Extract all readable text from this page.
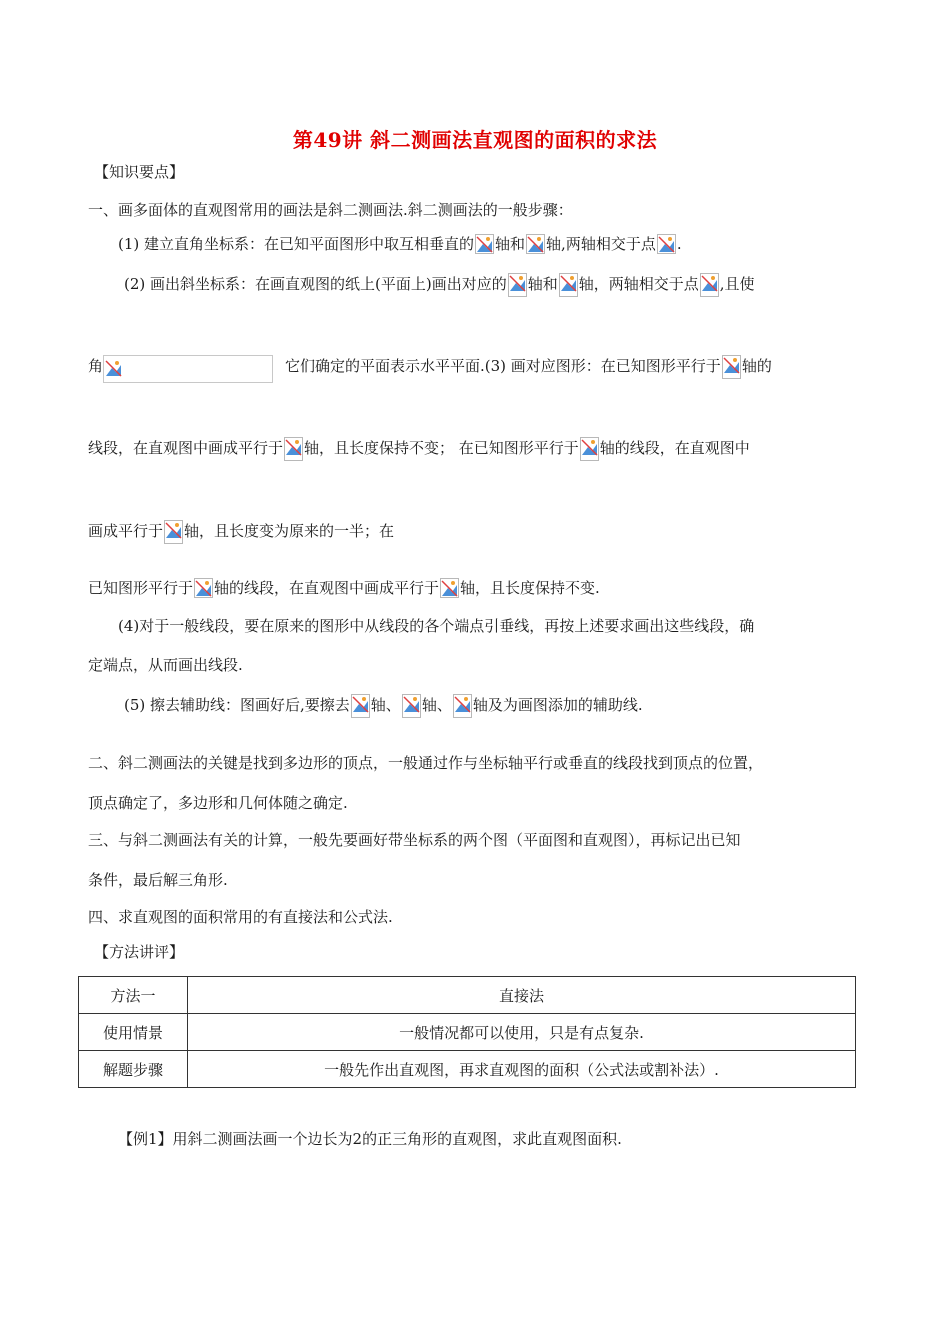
第49讲 斜二测画法直观图的面积的求法
【知识要点】
一、画多面体的直观图常用的画法是斜二测画法.斜二测画法的一般步骤：
(1) 建立直角坐标系：在已知平面图形中取互相垂直的 轴和 轴,两轴相交于点 .
(2) 画出斜坐标系：在画直观图的纸上(平面上)画出对应的 轴和 轴，两轴相交于点 ,且使
角	它们确定的平面表示水平平面.(3) 画对应图形：在已知图形平行于 轴的
线段，在直观图中画成平行于 轴，且长度保持不变； 在已知图形平行于 轴的线段，在直观图中
画成平行于 轴，且长度变为原来的一半；在
已知图形平行于 轴的线段，在直观图中画成平行于 轴，且长度保持不变.
(4)对于一般线段，要在原来的图形中从线段的各个端点引垂线，再按上述要求画出这些线段，确
定端点，从而画出线段.
(5) 擦去辅助线：图画好后,要擦去 轴、 轴、 轴及为画图添加的辅助线.
二、斜二测画法的关键是找到多边形的顶点，一般通过作与坐标轴平行或垂直的线段找到顶点的位置，
顶点确定了，多边形和几何体随之确定.
三、与斜二测画法有关的计算，一般先要画好带坐标系的两个图（平面图和直观图），再标记出已知
条件，最后解三角形.
四、求直观图的面积常用的有直接法和公式法.
【方法讲评】
方法一	直接法
使用情景	一般情况都可以使用，只是有点复杂.
解题步骤	一般先作出直观图，再求直观图的面积（公式法或割补法）.
【例1】用斜二测画法画一个边长为2的正三角形的直观图，求此直观图面积.
